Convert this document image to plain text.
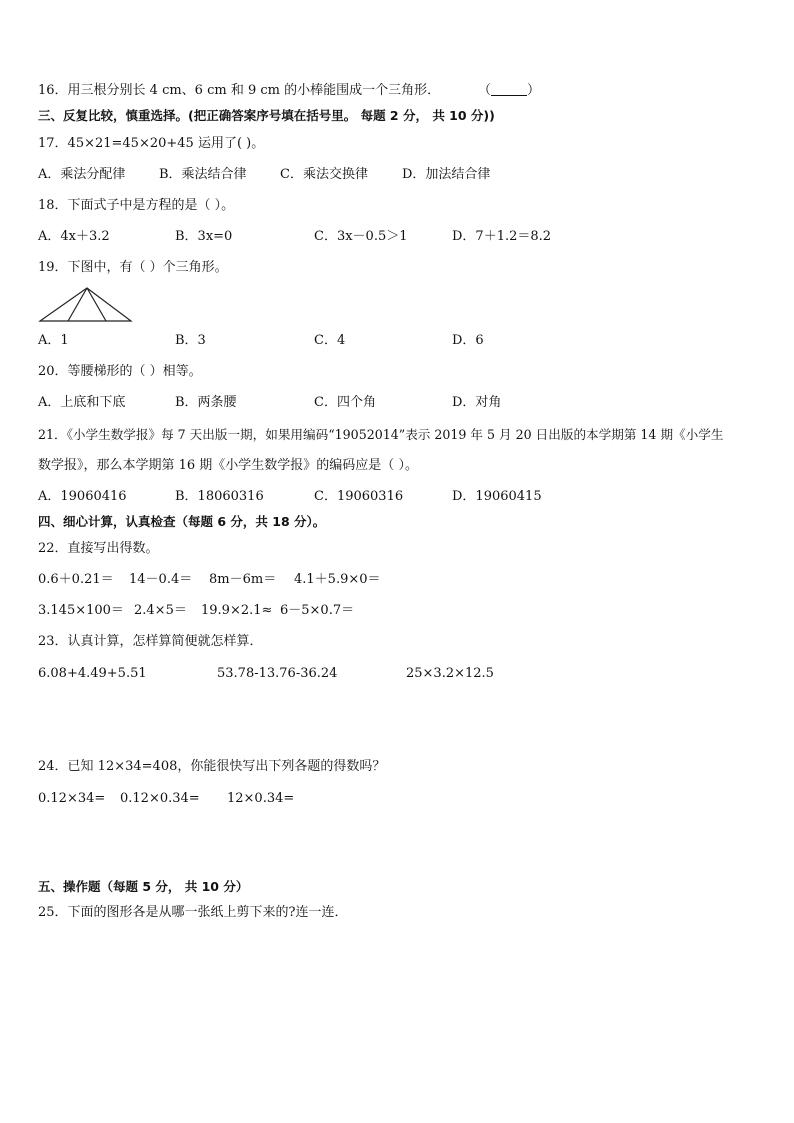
16．用三根分别长 4 cm、6 cm 和 9 cm 的小棒能围成一个三角形．	（	）
三、反复比较，慎重选择。(把正确答案序号填在括号里。 每题 2 分， 共 10 分))
17．45×21=45×20+45 运用了( )。
A．乘法分配律	B．乘法结合律	C．乘法交换律	D．加法结合律
18．下面式子中是方程的是（ ）。
A．4x＋3.2	B．3x=0	C．3x－0.5＞1	D．7＋1.2＝8.2
19．下图中，有（ ）个三角形。
A．1	B．3	C．4	D．6
20．等腰梯形的（ ）相等。
A．上底和下底	B．两条腰	C．四个角	D．对角
21．《小学生数学报》每 7 天出版一期，如果用编码“19052014”表示 2019 年 5 月 20 日出版的本学期第 14 期《小学生
数学报》，那么本学期第 16 期《小学生数学报》的编码应是（ ）。
A．19060416	B．18060316	C．19060316	D．19060415
四、细心计算，认真检查（每题 6 分，共 18 分）。
22．直接写出得数。
0.6＋0.21＝ 14－0.4＝ 8m－6m＝ 4.1＋5.9×0＝
3.145×100＝ 2.4×5＝ 19.9×2.1≈ 6－5×0.7＝
23．认真计算，怎样算简便就怎样算．
6.08+4.49+5.51	53.78-13.76-36.24	25×3.2×12.5
24．已知 12×34=408，你能很快写出下列各题的得数吗？
0.12×34= 0.12×0.34= 12×0.34=
五、操作题（每题 5 分， 共 10 分）
25．下面的图形各是从哪一张纸上剪下来的?连一连．
